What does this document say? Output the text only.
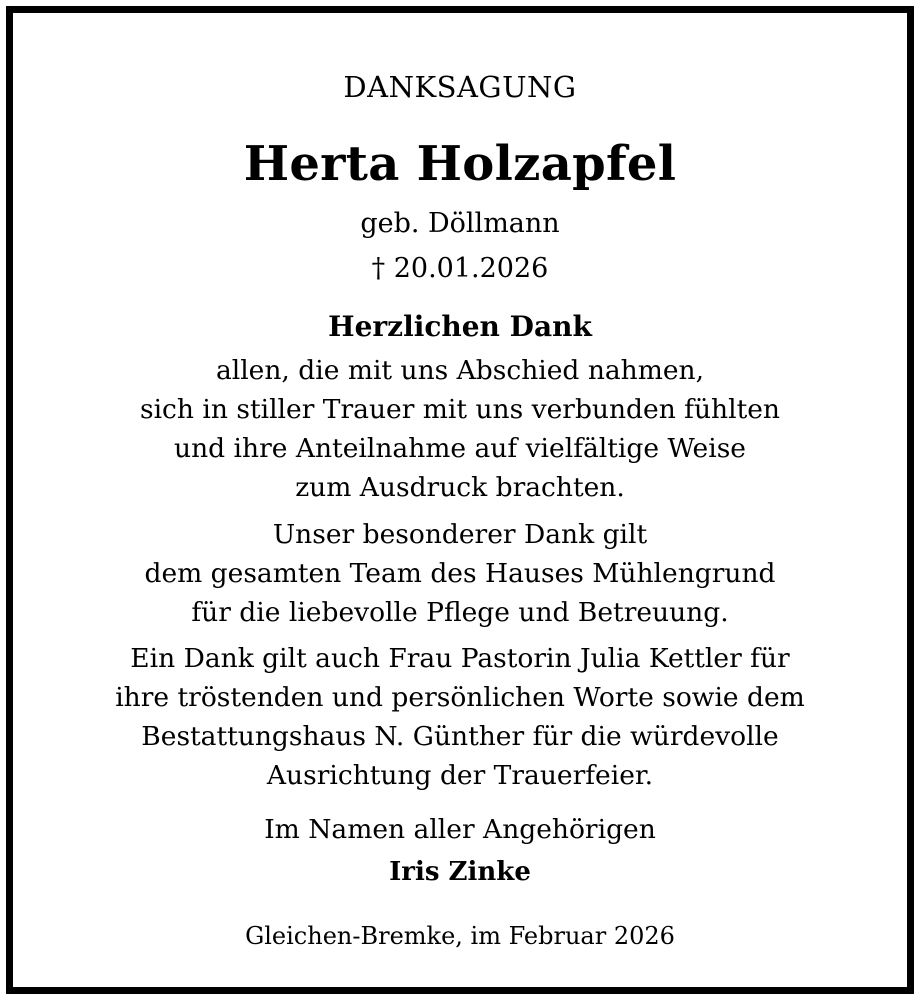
DANKSAGUNG
Herta Holzapfel
geb. Döllmann
† 20.01.2026
Herzlichen Dank
allen, die mit uns Abschied nahmen,
sich in stiller Trauer mit uns verbunden fühlten
und ihre Anteilnahme auf vielfältige Weise
zum Ausdruck brachten.
Unser besonderer Dank gilt
dem gesamten Team des Hauses Mühlengrund
für die liebevolle Pflege und Betreuung.
Ein Dank gilt auch Frau Pastorin Julia Kettler für
ihre tröstenden und persönlichen Worte sowie dem
Bestattungshaus N. Günther für die würdevolle
Ausrichtung der Trauerfeier.
Im Namen aller Angehörigen
Iris Zinke
Gleichen-Bremke, im Februar 2026
